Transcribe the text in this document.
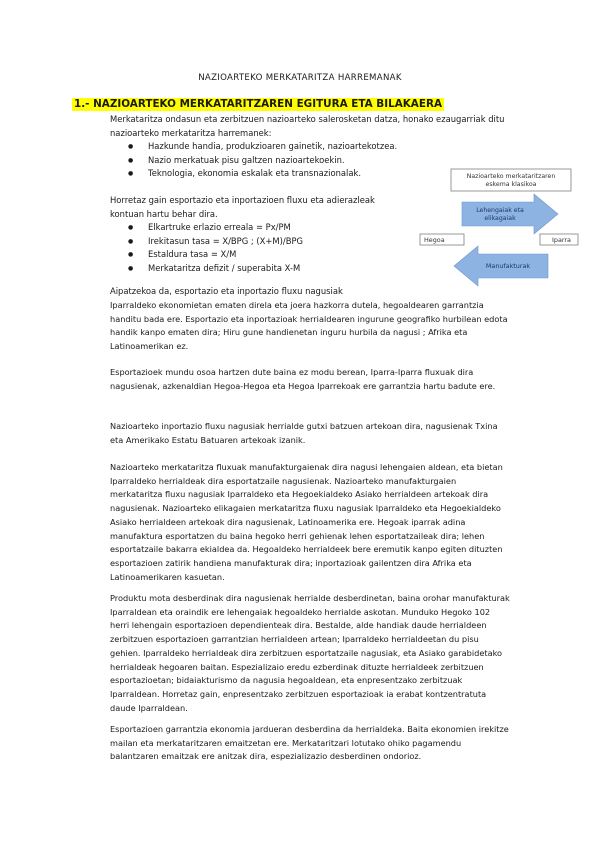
NAZIOARTEKO MERKATARITZA HARREMANAK
1.- NAZIOARTEKO MERKATARITZAREN EGITURA ETA BILAKAERA
Merkataritza ondasun eta zerbitzuen nazioarteko salerosketan datza, honako ezaugarriak ditu
nazioarteko merkataritza harremanek:
● Hazkunde handia, produkzioaren gainetik, nazioartekotzea.
● Nazio merkatuak pisu galtzen nazioartekoekin.
● Teknologia, ekonomia eskalak eta transnazionalak.
Horretaz gain esportazio eta inportazioen fluxu eta adierazleak
kontuan hartu behar dira.
● Elkartruke erlazio erreala = Px/PM
● Irekitasun tasa = X/BPG ; (X+M)/BPG
● Estaldura tasa = X/M
● Merkataritza defizit / superabita X-M
Nazioarteko merkataritzaren
eskema klasikoa
Lehengaiak eta
elikagaiak
Hegoa	Iparra
Manufakturak
Aipatzekoa da, esportazio eta inportazio fluxu nagusiak

Iparraldeko ekonomietan ematen direla eta joera hazkorra dutela, hegoaldearen garrantzia handitu bada ere. Esportazio eta inportazioak herrialdearen ingurune geografiko hurbilean edota handik kanpo ematen dira; Hiru gune handienetan inguru hurbila da nagusi ; Afrika eta Latinoamerikan ez.

Esportazioek mundu osoa hartzen dute baina ez modu berean, Iparra-Iparra fluxuak dira nagusienak, azkenaldian Hegoa-Hegoa eta Hegoa Iparrekoak ere garrantzia hartu badute ere.

Nazioarteko inportazio fluxu nagusiak herrialde gutxi batzuen artekoan dira, nagusienak Txina eta Amerikako Estatu Batuaren artekoak izanik.

Nazioarteko merkataritza fluxuak manufakturgaienak dira nagusi lehengaien aldean, eta bietan Iparraldeko herrialdeak dira esportatzaile nagusienak. Nazioarteko manufakturgaien merkataritza fluxu nagusiak Iparraldeko eta Hegoekialdeko Asiako herrialdeen artekoak dira nagusienak. Nazioarteko elikagaien merkataritza fluxu nagusiak Iparraldeko eta Hegoekialdeko Asiako herrialdeen artekoak dira nagusienak, Latinoamerika ere. Hegoak iparrak adina manufaktura esportatzen du baina hegoko herri gehienak lehen esportatzaileak dira; lehen esportatzaile bakarra ekialdea da. Hegoaldeko herrialdeek bere eremutik kanpo egiten dituzten esportazioen zatirik handiena manufakturak dira; inportazioak gailentzen dira Afrika eta Latinoamerikaren kasuetan.

Produktu mota desberdinak dira nagusienak herrialde desberdinetan, baina orohar manufakturak Iparraldean eta oraindik ere lehengaiak hegoaldeko herrialde askotan. Munduko Hegoko 102 herri lehengain esportazioen dependienteak dira. Bestalde, alde handiak daude herrialdeen zerbitzuen esportazioen garrantzian herrialdeen artean; Iparraldeko herrialdeetan du pisu gehien. Iparraldeko herrialdeak dira zerbitzuen esportatzaile nagusiak, eta Asiako garabidetako herrialdeak hegoaren baitan. Espezializaio eredu ezberdinak dituzte herrialdeek zerbitzuen esportazioetan; bidaiakturismo da nagusia hegoaldean, eta enpresentzako zerbitzuak Iparraldean. Horretaz gain, enpresentzako zerbitzuen esportazioak ia erabat kontzentratuta daude Iparraldean.

Esportazioen garrantzia ekonomia jardueran desberdina da herrialdeka. Baita ekonomien irekitze mailan eta merkataritzaren emaitzetan ere. Merkataritzari lotutako ohiko pagamendu balantzaren emaitzak ere anitzak dira, espezializazio desberdinen ondorioz.
